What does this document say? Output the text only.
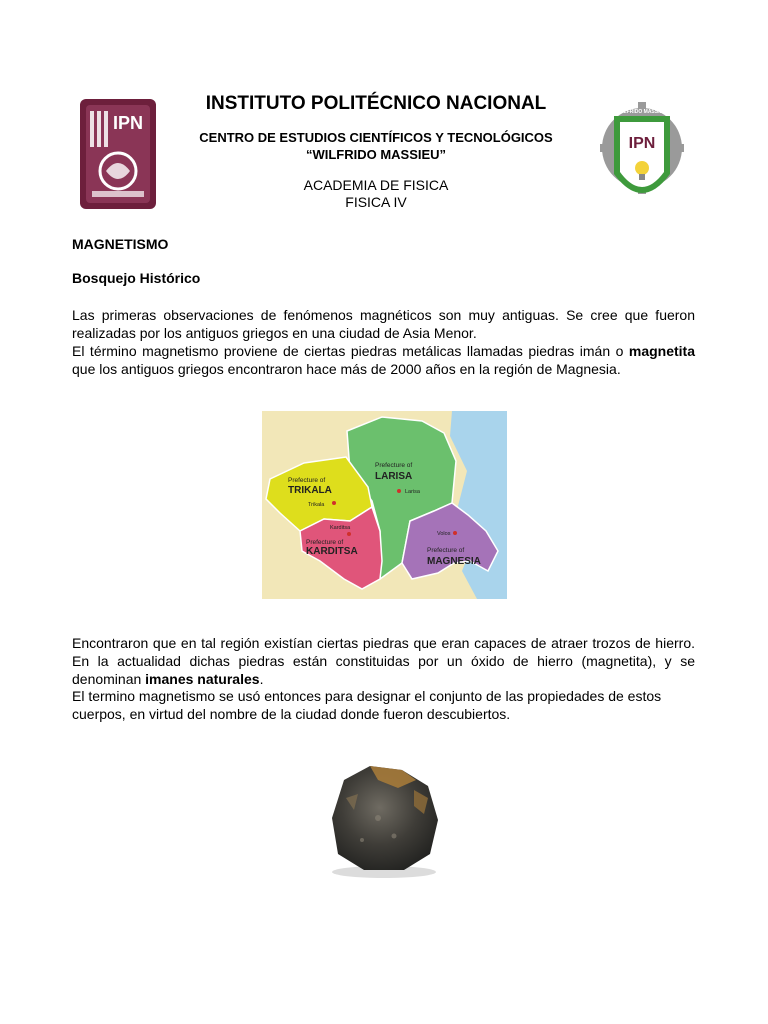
IPN
INSTITUTO POLITÉCNICO NACIONAL
CENTRO DE ESTUDIOS CIENTÍFICOS Y TECNOLÓGICOS
“WILFRIDO MASSIEU”
ACADEMIA DE FISICA
FISICA IV
IPN
WILFRIDO MASSIEU
MAGNETISMO
Bosquejo Histórico
Las primeras observaciones de fenómenos magnéticos son muy antiguas. Se cree que fueron realizadas por los antiguos griegos en una ciudad de Asia Menor.
El término magnetismo proviene de ciertas piedras metálicas llamadas piedras imán o magnetita que los antiguos griegos encontraron hace más de 2000 años en la región de Magnesia.
Prefecture of
TRIKALA
Trikala
Prefecture of
LARISA
Larisa
Karditsa
Prefecture of
KARDITSA
Volos
Prefecture of
MAGNESIA
Encontraron que en tal región existían ciertas piedras que eran capaces de atraer trozos de hierro. En la actualidad dichas piedras están constituidas por un óxido de hierro (magnetita), y se denominan imanes naturales.
El termino magnetismo se usó entonces para designar el conjunto de las propiedades de estos cuerpos, en virtud del nombre de la ciudad donde fueron descubiertos.
